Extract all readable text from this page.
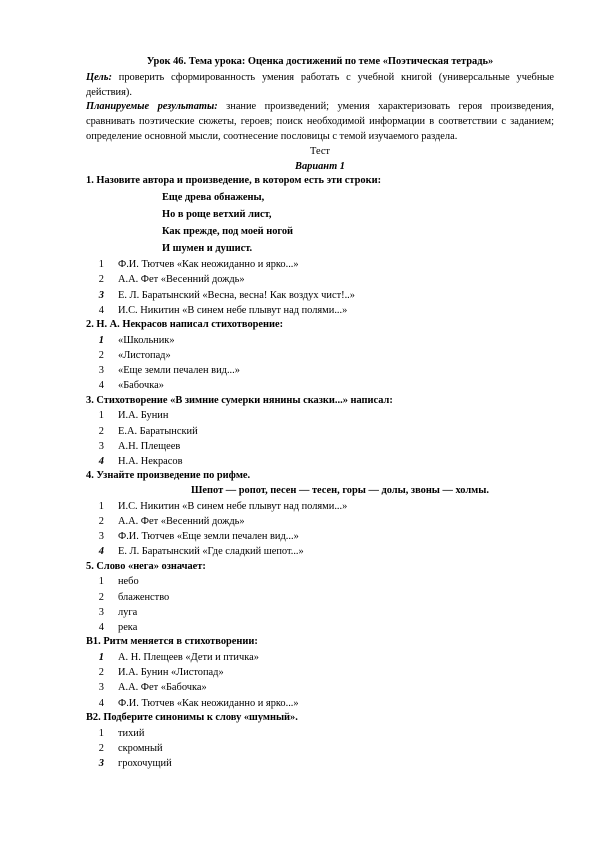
Урок 46. Тема урока: Оценка достижений по теме «Поэтическая тетрадь»
Цель: проверить сформированность умения работать с учебной книгой (универсальные учебные действия).
Планируемые результаты: знание произведений; умения характеризовать героя произведения, сравнивать поэтические сюжеты, героев; поиск необходимой информации в соответствии с заданием; определение основной мысли, соотнесение пословицы с темой изучаемого раздела.
Тест
Вариант 1
1. Назовите автора и произведение, в котором есть эти строки:
Еще древа обнажены,
Но в роще ветхий лист,
Как прежде, под моей ногой
И шумен и душист.
1	Ф.И. Тютчев «Как неожиданно и ярко...»
2	А.А. Фет «Весенний дождь»
3	Е. Л. Баратынский «Весна, весна! Как воздух чист!..»
4	И.С. Никитин «В синем небе плывут над полями...»
2. Н. А. Некрасов написал стихотворение:
1	«Школьник»
2	«Листопад»
3	«Еще земли печален вид...»
4	«Бабочка»
3. Стихотворение «В зимние сумерки нянины сказки...» написал:
1	И.А. Бунин
2	Е.А. Баратынский
3	А.Н. Плещеев
4	Н.А. Некрасов
4. Узнайте произведение по рифме.
Шепот — ропот, песен — тесен, горы — долы, звоны — холмы.
1	И.С. Никитин «В синем небе плывут над полями...»
2	А.А. Фет «Весенний дождь»
3	Ф.И. Тютчев «Еще земли печален вид...»
4	Е. Л. Баратынский «Где сладкий шепот...»
5. Слово «нега» означает:
1	небо
2	блаженство
3	луга
4	река
В1. Ритм меняется в стихотворении:
1	А. Н. Плещеев «Дети и птичка»
2	И.А. Бунин «Листопад»
3	А.А. Фет «Бабочка»
4	Ф.И. Тютчев «Как неожиданно и ярко...»
В2. Подберите синонимы к слову «шумный».
1	тихий
2	скромный
3	грохочущий
